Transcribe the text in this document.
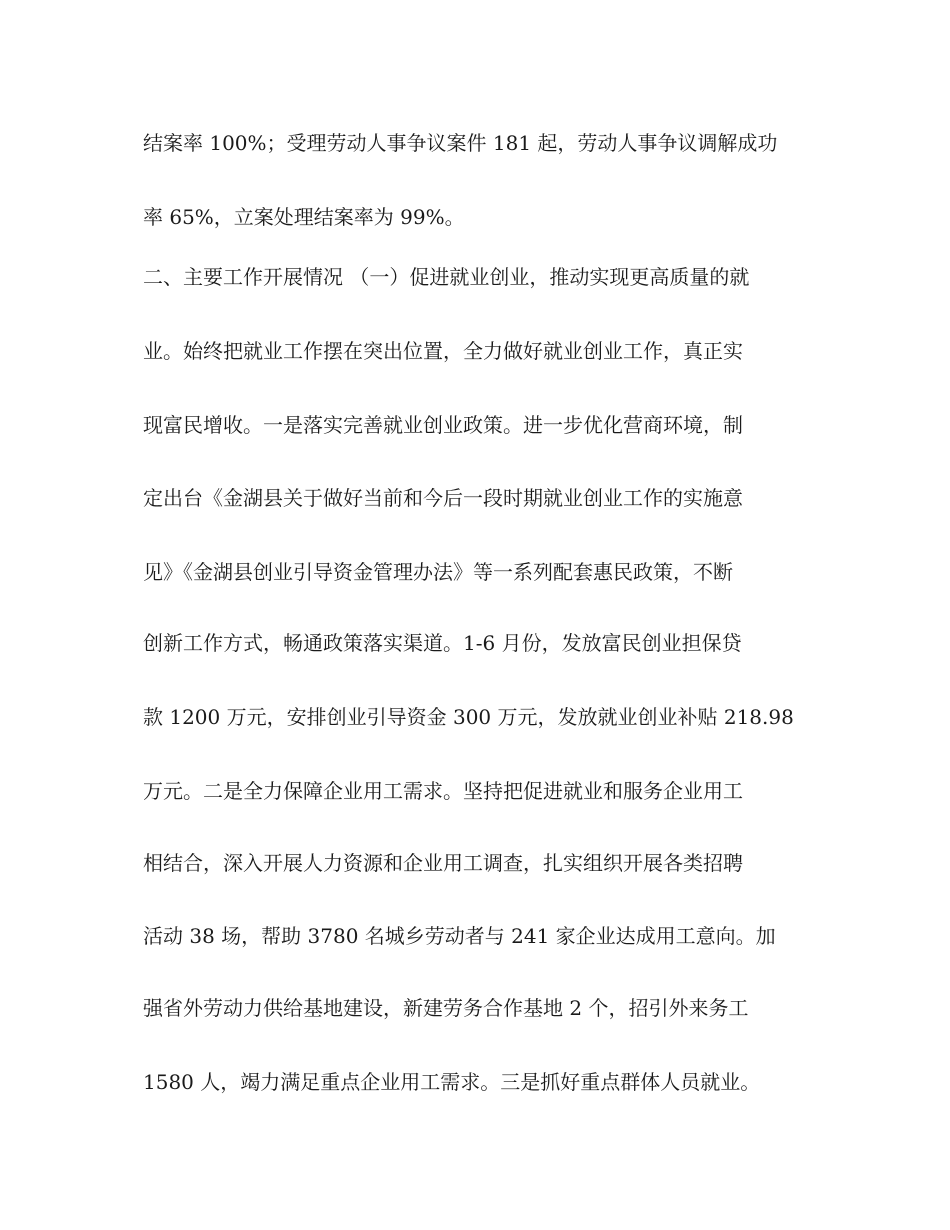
结案率 100%；受理劳动人事争议案件 181 起，劳动人事争议调解成功
率 65%，立案处理结案率为 99%。
二、主要工作开展情况 （一）促进就业创业，推动实现更高质量的就
业。始终把就业工作摆在突出位置，全力做好就业创业工作，真正实
现富民增收。一是落实完善就业创业政策。进一步优化营商环境，制
定出台《金湖县关于做好当前和今后一段时期就业创业工作的实施意
见》《金湖县创业引导资金管理办法》等一系列配套惠民政策，不断
创新工作方式，畅通政策落实渠道。1-6 月份，发放富民创业担保贷
款 1200 万元，安排创业引导资金 300 万元，发放就业创业补贴 218.98
万元。二是全力保障企业用工需求。坚持把促进就业和服务企业用工
相结合，深入开展人力资源和企业用工调查，扎实组织开展各类招聘
活动 38 场，帮助 3780 名城乡劳动者与 241 家企业达成用工意向。加
强省外劳动力供给基地建设，新建劳务合作基地 2 个，招引外来务工
1580 人，竭力满足重点企业用工需求。三是抓好重点群体人员就业。
